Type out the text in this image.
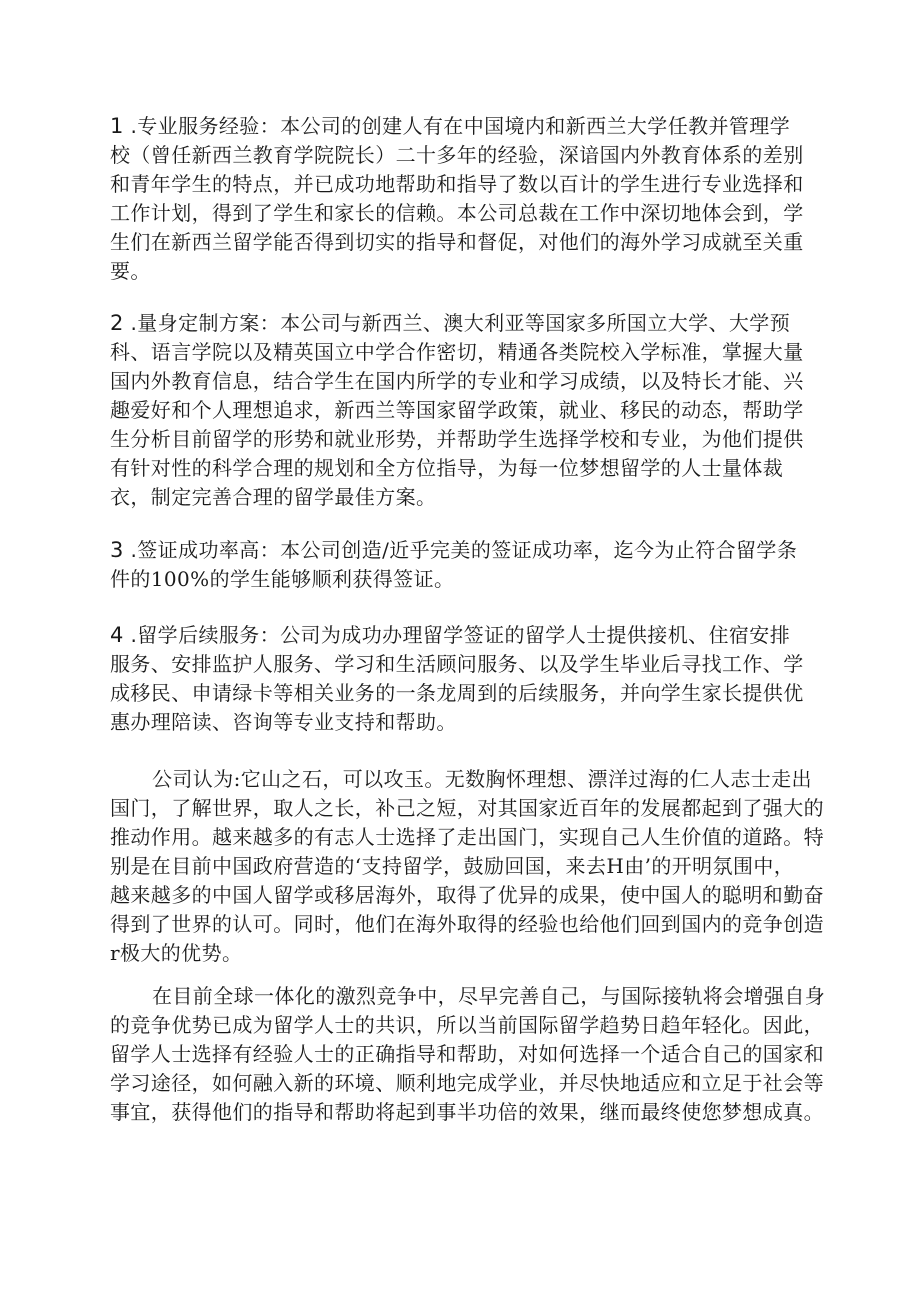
1 .专业服务经验：本公司的创建人有在中国境内和新西兰大学任教并管理学
校（曾任新西兰教育学院院长）二十多年的经验，深谙国内外教育体系的差别
和青年学生的特点，并已成功地帮助和指导了数以百计的学生进行专业选择和
工作计划，得到了学生和家长的信赖。本公司总裁在工作中深切地体会到，学
生们在新西兰留学能否得到切实的指导和督促，对他们的海外学习成就至关重
要。
2 .量身定制方案：本公司与新西兰、澳大利亚等国家多所国立大学、大学预
科、语言学院以及精英国立中学合作密切，精通各类院校入学标准，掌握大量
国内外教育信息，结合学生在国内所学的专业和学习成绩，以及特长才能、兴
趣爱好和个人理想追求，新西兰等国家留学政策，就业、移民的动态，帮助学
生分析目前留学的形势和就业形势，并帮助学生选择学校和专业，为他们提供
有针对性的科学合理的规划和全方位指导，为每一位梦想留学的人士量体裁
衣，制定完善合理的留学最佳方案。
3 .签证成功率高：本公司创造/近乎完美的签证成功率，迄今为止符合留学条
件的100%的学生能够顺利获得签证。
4 .留学后续服务：公司为成功办理留学签证的留学人士提供接机、住宿安排
服务、安排监护人服务、学习和生活顾问服务、以及学生毕业后寻找工作、学
成移民、申请绿卡等相关业务的一条龙周到的后续服务，并向学生家长提供优
惠办理陪读、咨询等专业支持和帮助。
公司认为:它山之石，可以攻玉。无数胸怀理想、漂洋过海的仁人志士走出
国门，了解世界，取人之长，补己之短，对其国家近百年的发展都起到了强大的
推动作用。越来越多的有志人士选择了走出国门，实现自己人生价值的道路。特
别是在目前中国政府营造的‘支持留学，鼓励回国，来去H由’的开明氛围中，
越来越多的中国人留学或移居海外，取得了优异的成果，使中国人的聪明和勤奋
得到了世界的认可。同时，他们在海外取得的经验也给他们回到国内的竞争创造
r极大的优势。
在目前全球一体化的激烈竞争中，尽早完善自己，与国际接轨将会增强自身
的竞争优势已成为留学人士的共识，所以当前国际留学趋势日趋年轻化。因此，
留学人士选择有经验人士的正确指导和帮助，对如何选择一个适合自己的国家和
学习途径，如何融入新的环境、顺利地完成学业，并尽快地适应和立足于社会等
事宜，获得他们的指导和帮助将起到事半功倍的效果，继而最终使您梦想成真。
